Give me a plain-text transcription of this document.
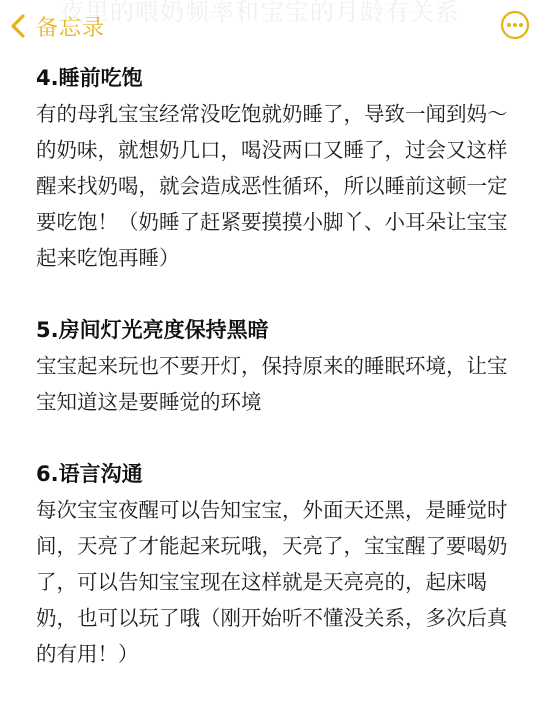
夜里的喂奶频率和宝宝的月龄有关系
备忘录

4.睡前吃饱

有的母乳宝宝经常没吃饱就奶睡了，导致一闻到妈～的奶味，就想奶几口，喝没两口又睡了，过会又这样醒来找奶喝，就会造成恶性循环，所以睡前这顿一定要吃饱！（奶睡了赶紧要摸摸小脚丫、小耳朵让宝宝起来吃饱再睡）

5.房间灯光亮度保持黑暗

宝宝起来玩也不要开灯，保持原来的睡眠环境，让宝宝知道这是要睡觉的环境

6.语言沟通

每次宝宝夜醒可以告知宝宝，外面天还黑，是睡觉时间，天亮了才能起来玩哦，天亮了，宝宝醒了要喝奶了，可以告知宝宝现在这样就是天亮亮的，起床喝奶，也可以玩了哦（刚开始听不懂没关系，多次后真的有用！）
